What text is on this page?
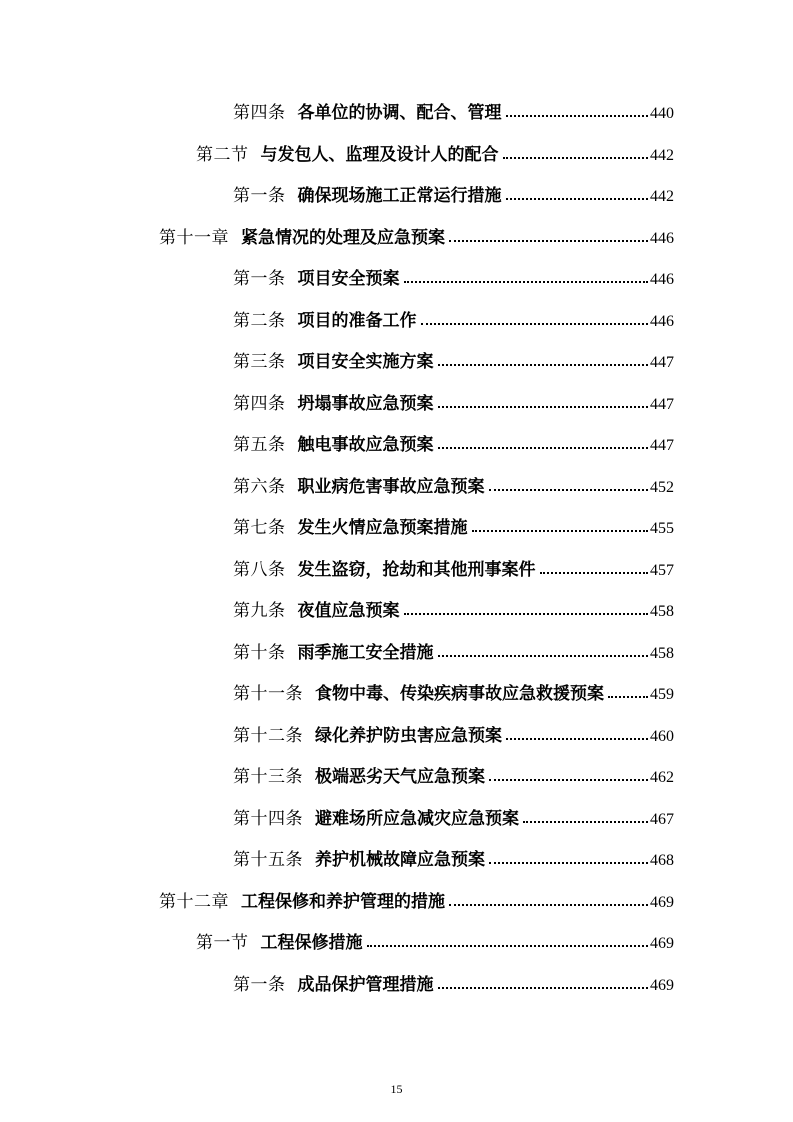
第四条 各单位的协调、配合、管理	440
第二节 与发包人、监理及设计人的配合	442
第一条 确保现场施工正常运行措施	442
第十一章 紧急情况的处理及应急预案	446
第一条 项目安全预案	446
第二条 项目的准备工作	446
第三条 项目安全实施方案	447
第四条 坍塌事故应急预案	447
第五条 触电事故应急预案	447
第六条 职业病危害事故应急预案	452
第七条 发生火情应急预案措施	455
第八条 发生盗窃，抢劫和其他刑事案件	457
第九条 夜值应急预案	458
第十条 雨季施工安全措施	458
第十一条 食物中毒、传染疾病事故应急救援预案	459
第十二条 绿化养护防虫害应急预案	460
第十三条 极端恶劣天气应急预案	462
第十四条 避难场所应急减灾应急预案	467
第十五条 养护机械故障应急预案	468
第十二章 工程保修和养护管理的措施	469
第一节 工程保修措施	469
第一条 成品保护管理措施	469
15
